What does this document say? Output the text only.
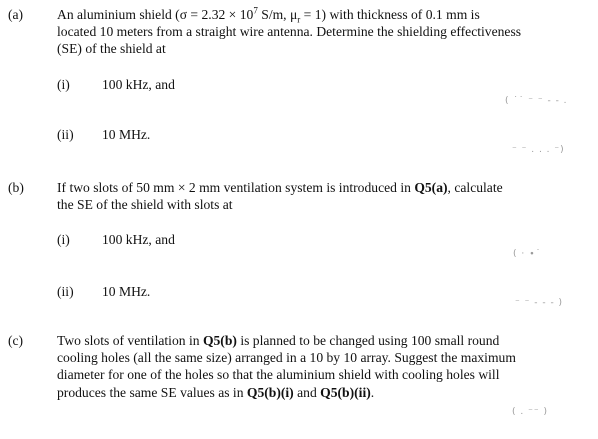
(a) An aluminium shield ($\sigma = 2.32 \times 10^7$ S/m, $\mu_r = 1$) with thickness of 0.1 mm is
located 10 meters from a straight wire antenna. Determine the shielding effectiveness
(SE) of the shield at
(i) 100 kHz, and
( ˙˙ ⁻ ⁻ - - .
(ii) 10 MHz.
⁻ ⁻ . . . ⁻)
(b) If two slots of 50 mm × 2 mm ventilation system is introduced in Q5(a), calculate
the SE of the shield with slots at
(i) 100 kHz, and
( · ∙˙
(ii) 10 MHz.
⁻ ⁻ - - - )
(c) Two slots of ventilation in Q5(b) is planned to be changed using 100 small round
cooling holes (all the same size) arranged in a 10 by 10 array. Suggest the maximum
diameter for one of the holes so that the aluminium shield with cooling holes will
produces the same SE values as in Q5(b)(i) and Q5(b)(ii).
( . ⁻⁻ )
